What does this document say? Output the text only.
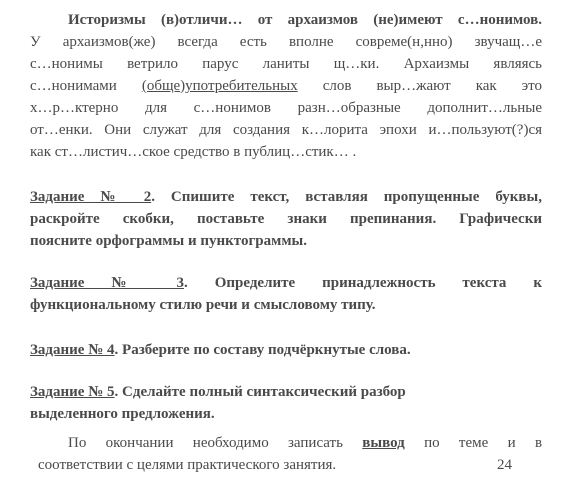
Историзмы (в)отличи… от архаизмов (не)имеют с…нонимов.
У архаизмов(же) всегда есть вполне совреме(н,нно) звучащ…е
с…нонимы ветрило парус ланиты щ…ки. Архаизмы являясь
с…нонимами (обще)употребительных слов выр…жают как это
х…р…ктерно для с…нонимов разн…образные дополнит…льные
от…енки. Они служат для создания к…лорита эпохи и…пользуют(?)ся
как ст…листич…ское средство в публиц…стик… .
Задание № 2. Спишите текст, вставляя пропущенные буквы,
раскройте скобки, поставьте знаки препинания. Графически
поясните орфограммы и пунктограммы.
Задание № 3. Определите принадлежность текста к
функциональному стилю речи и смысловому типу.
Задание № 4. Разберите по составу подчёркнутые слова.
Задание № 5. Сделайте полный синтаксический разбор
выделенного предложения.
По окончании необходимо записать вывод по теме и в
соответствии с целями практического занятия.	24
